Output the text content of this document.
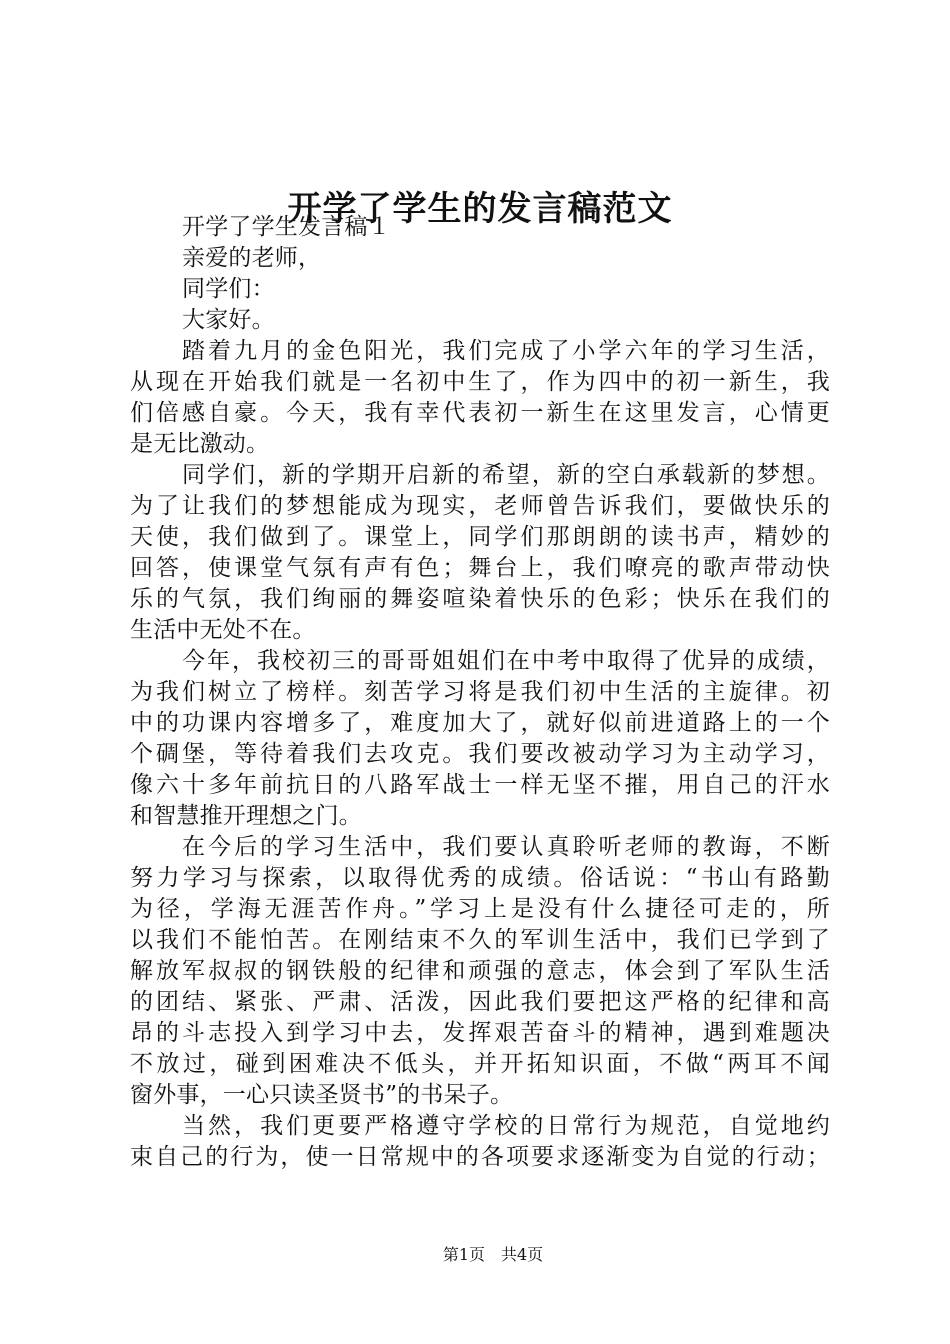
开学了学生的发言稿范文
开学了学生发言稿１
亲爱的老师，
同学们：
大家好。
踏着九月的金色阳光，我们完成了小学六年的学习生活，
从现在开始我们就是一名初中生了，作为四中的初一新生，我
们倍感自豪。今天，我有幸代表初一新生在这里发言，心情更
是无比激动。
同学们，新的学期开启新的希望，新的空白承载新的梦想。
为了让我们的梦想能成为现实，老师曾告诉我们，要做快乐的
天使，我们做到了。课堂上，同学们那朗朗的读书声，精妙的
回答，使课堂气氛有声有色；舞台上，我们嘹亮的歌声带动快
乐的气氛，我们绚丽的舞姿喧染着快乐的色彩；快乐在我们的
生活中无处不在。
今年，我校初三的哥哥姐姐们在中考中取得了优异的成绩，
为我们树立了榜样。刻苦学习将是我们初中生活的主旋律。初
中的功课内容增多了，难度加大了，就好似前进道路上的一个
个碉堡，等待着我们去攻克。我们要改被动学习为主动学习，
像六十多年前抗日的八路军战士一样无坚不摧，用自己的汗水
和智慧推开理想之门。
在今后的学习生活中，我们要认真聆听老师的教诲，不断
努力学习与探索，以取得优秀的成绩。俗话说：“书山有路勤
为径，学海无涯苦作舟。”学习上是没有什么捷径可走的，所
以我们不能怕苦。在刚结束不久的军训生活中，我们已学到了
解放军叔叔的钢铁般的纪律和顽强的意志，体会到了军队生活
的团结、紧张、严肃、活泼，因此我们要把这严格的纪律和高
昂的斗志投入到学习中去，发挥艰苦奋斗的精神，遇到难题决
不放过，碰到困难决不低头，并开拓知识面，不做“两耳不闻
窗外事，一心只读圣贤书”的书呆子。
当然，我们更要严格遵守学校的日常行为规范，自觉地约
束自己的行为，使一日常规中的各项要求逐渐变为自觉的行动；
第1页　共4页
